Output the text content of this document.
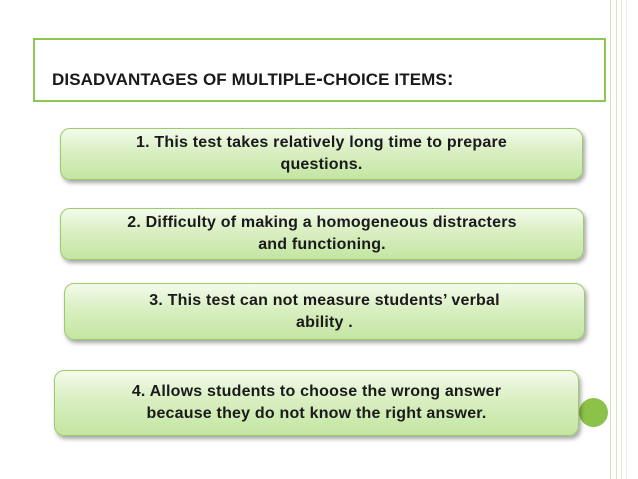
DISADVANTAGES OF MULTIPLE-CHOICE ITEMS:
1. This test takes relatively long time to prepare
questions.
2. Difficulty of making a homogeneous distracters
and functioning.
3. This test can not measure students’ verbal
ability .
4. Allows students to choose the wrong answer
because they do not know the right answer.
